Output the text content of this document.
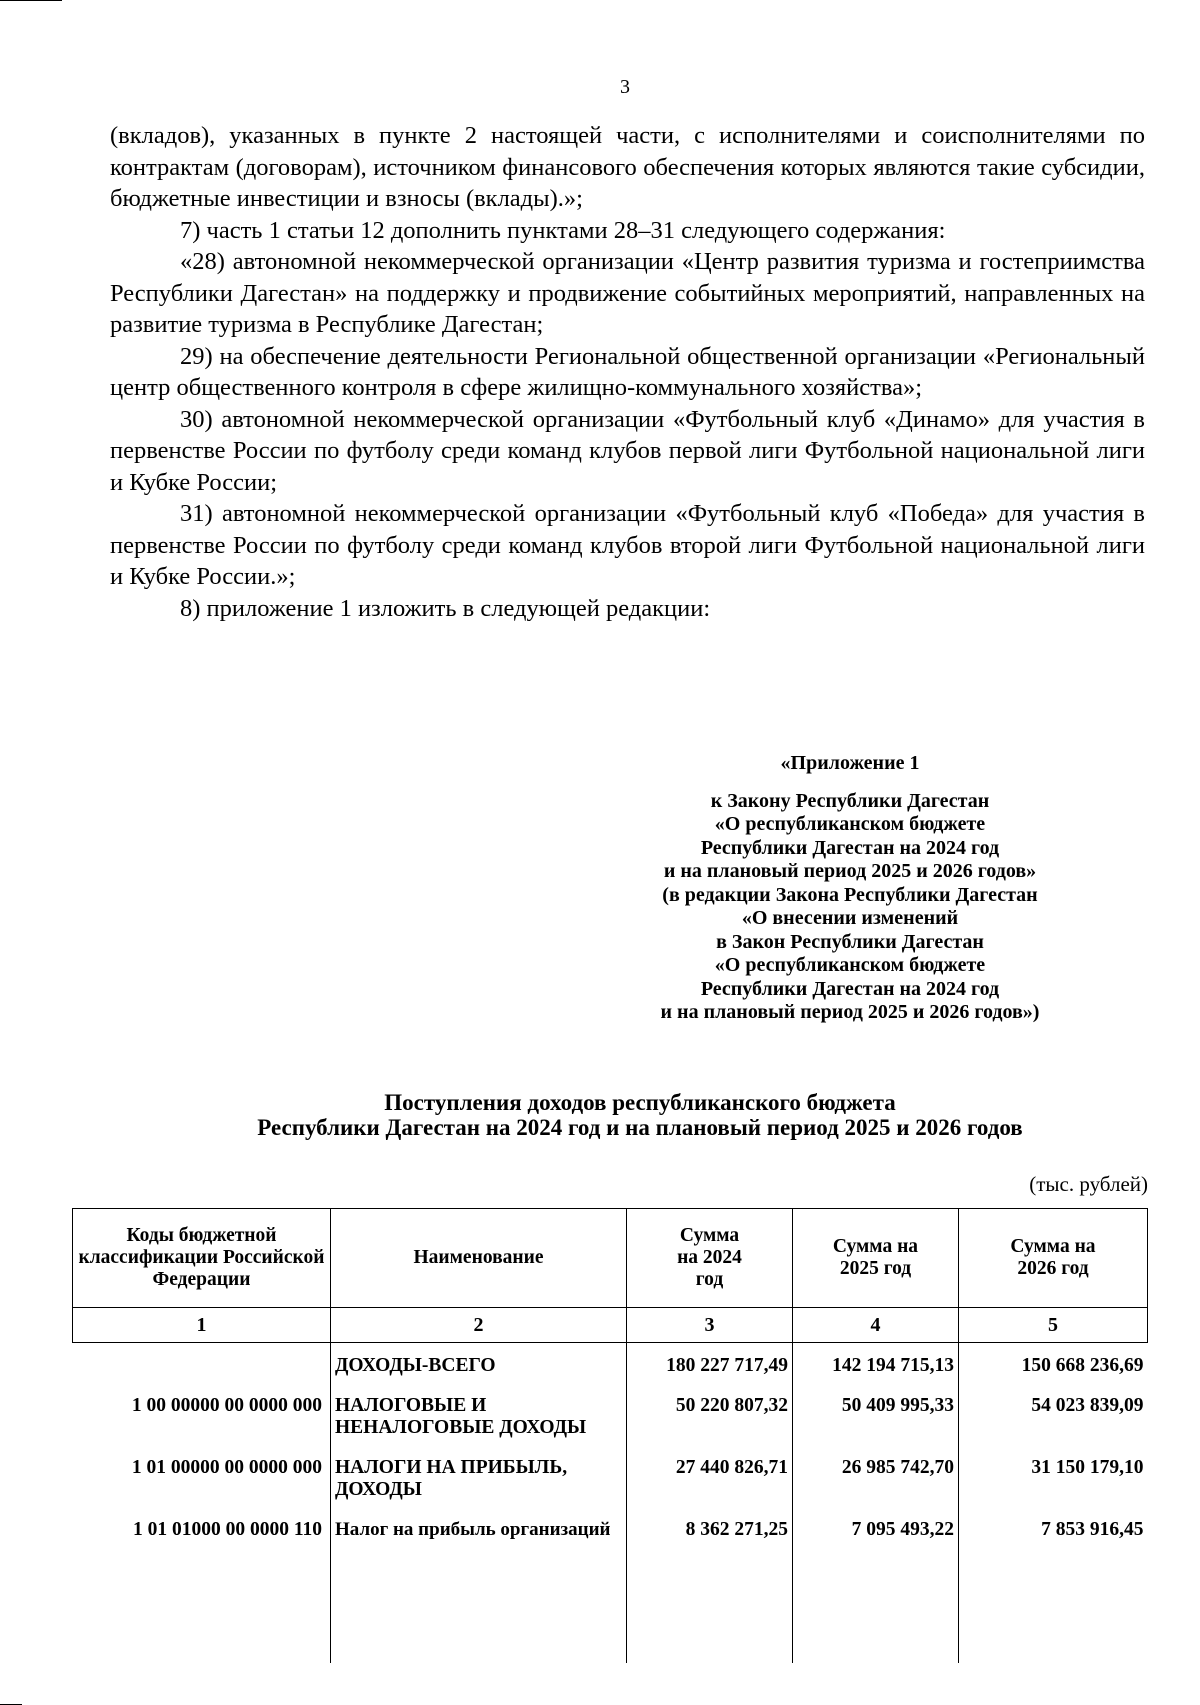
3

(вкладов), указанных в пункте 2 настоящей части, с исполнителями и соисполнителями по контрактам (договорам), источником финансового обеспечения которых являются такие субсидии, бюджетные инвестиции и взносы (вклады).»;

7) часть 1 статьи 12 дополнить пунктами 28–31 следующего содержания:

«28) автономной некоммерческой организации «Центр развития туризма и гостеприимства Республики Дагестан» на поддержку и продвижение событийных мероприятий, направленных на развитие туризма в Республике Дагестан;

29) на обеспечение деятельности Региональной общественной организации «Региональный центр общественного контроля в сфере жилищно-коммунального хозяйства»;

30) автономной некоммерческой организации «Футбольный клуб «Динамо» для участия в первенстве России по футболу среди команд клубов первой лиги Футбольной национальной лиги и Кубке России;

31) автономной некоммерческой организации «Футбольный клуб «Победа» для участия в первенстве России по футболу среди команд клубов второй лиги Футбольной национальной лиги и Кубке России.»;

8) приложение 1 изложить в следующей редакции:

«Приложение 1
к Закону Республики Дагестан
«О республиканском бюджете
Республики Дагестан на 2024 год
и на плановый период 2025 и 2026 годов»
(в редакции Закона Республики Дагестан
«О внесении изменений
в Закон Республики Дагестан
«О республиканском бюджете
Республики Дагестан на 2024 год
и на плановый период 2025 и 2026 годов»)
Поступления доходов республиканского бюджета
Республики Дагестан на 2024 год и на плановый период 2025 и 2026 годов
(тыс. рублей)
Коды бюджетной классификации Российской Федерации	Наименование	Сумма на 2024 год	Сумма на 2025 год	Сумма на 2026 год
1	2	3	4	5
	ДОХОДЫ-ВСЕГО	180 227 717,49	142 194 715,13	150 668 236,69
1 00 00000 00 0000 000	НАЛОГОВЫЕ И НЕНАЛОГОВЫЕ ДОХОДЫ	50 220 807,32	50 409 995,33	54 023 839,09
1 01 00000 00 0000 000	НАЛОГИ НА ПРИБЫЛЬ, ДОХОДЫ	27 440 826,71	26 985 742,70	31 150 179,10
1 01 01000 00 0000 110	Налог на прибыль организаций	8 362 271,25	7 095 493,22	7 853 916,45
